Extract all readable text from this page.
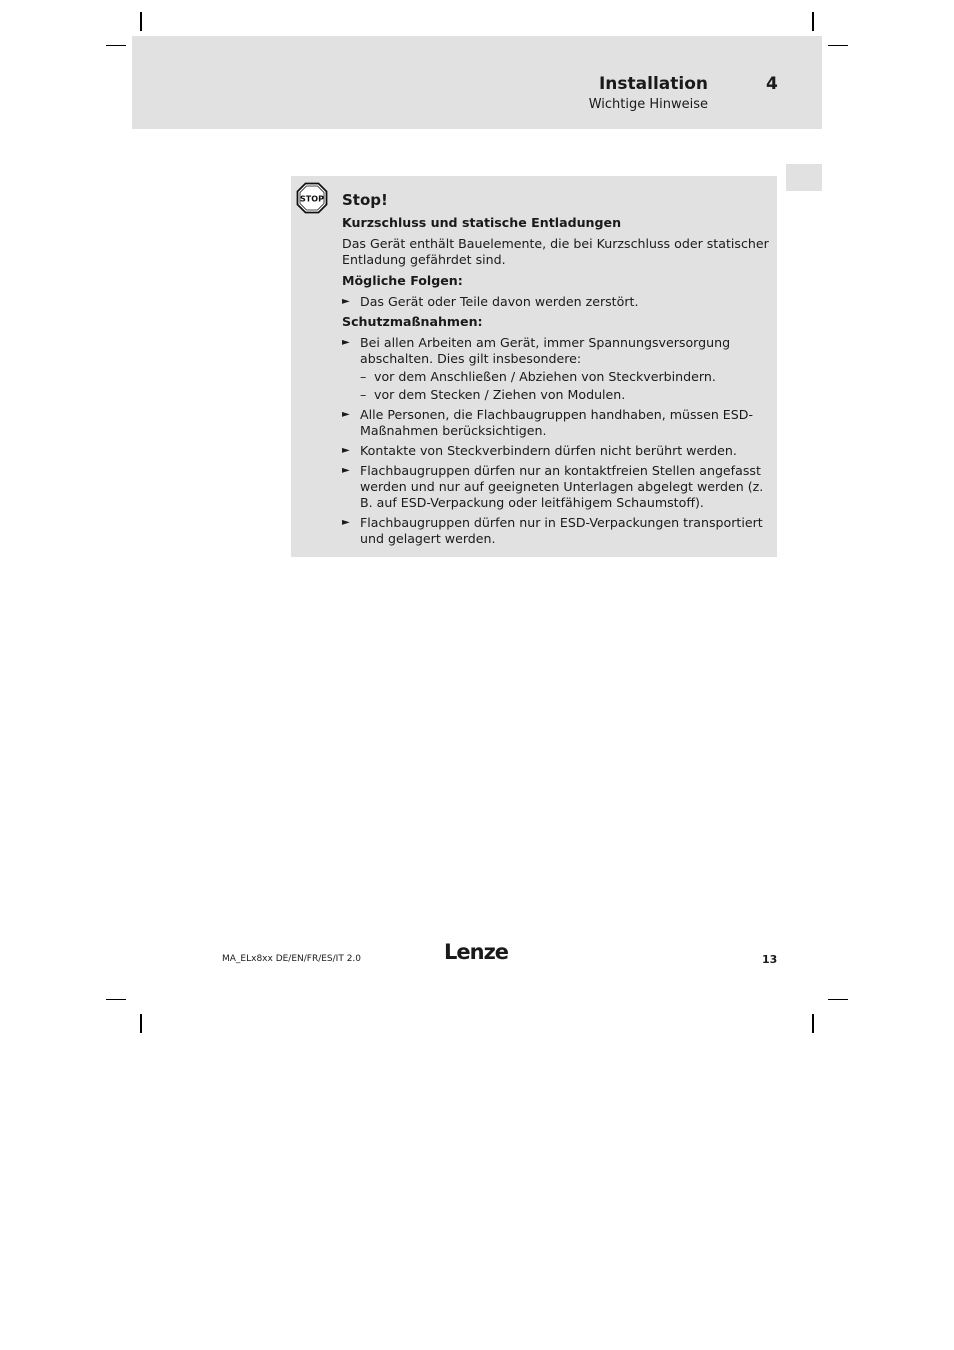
Installation	4
Wichtige Hinweise
STOP Stop!
Kurzschluss und statische Entladungen
Das Gerät enthält Bauelemente, die bei Kurzschluss oder statischer Entladung gefährdet sind.
Mögliche Folgen:
► Das Gerät oder Teile davon werden zerstört.
Schutzmaßnahmen:
► Bei allen Arbeiten am Gerät, immer Spannungsversorgung abschalten. Dies gilt insbesondere:
– vor dem Anschließen / Abziehen von Steckverbindern.
– vor dem Stecken / Ziehen von Modulen.
► Alle Personen, die Flachbaugruppen handhaben, müssen ESD-Maßnahmen berücksichtigen.
► Kontakte von Steckverbindern dürfen nicht berührt werden.
► Flachbaugruppen dürfen nur an kontaktfreien Stellen angefasst werden und nur auf geeigneten Unterlagen abgelegt werden (z. B. auf ESD-Verpackung oder leitfähigem Schaumstoff).
► Flachbaugruppen dürfen nur in ESD-Verpackungen transportiert und gelagert werden.
MA_ELx8xx DE/EN/FR/ES/IT 2.0	Lenze	13
